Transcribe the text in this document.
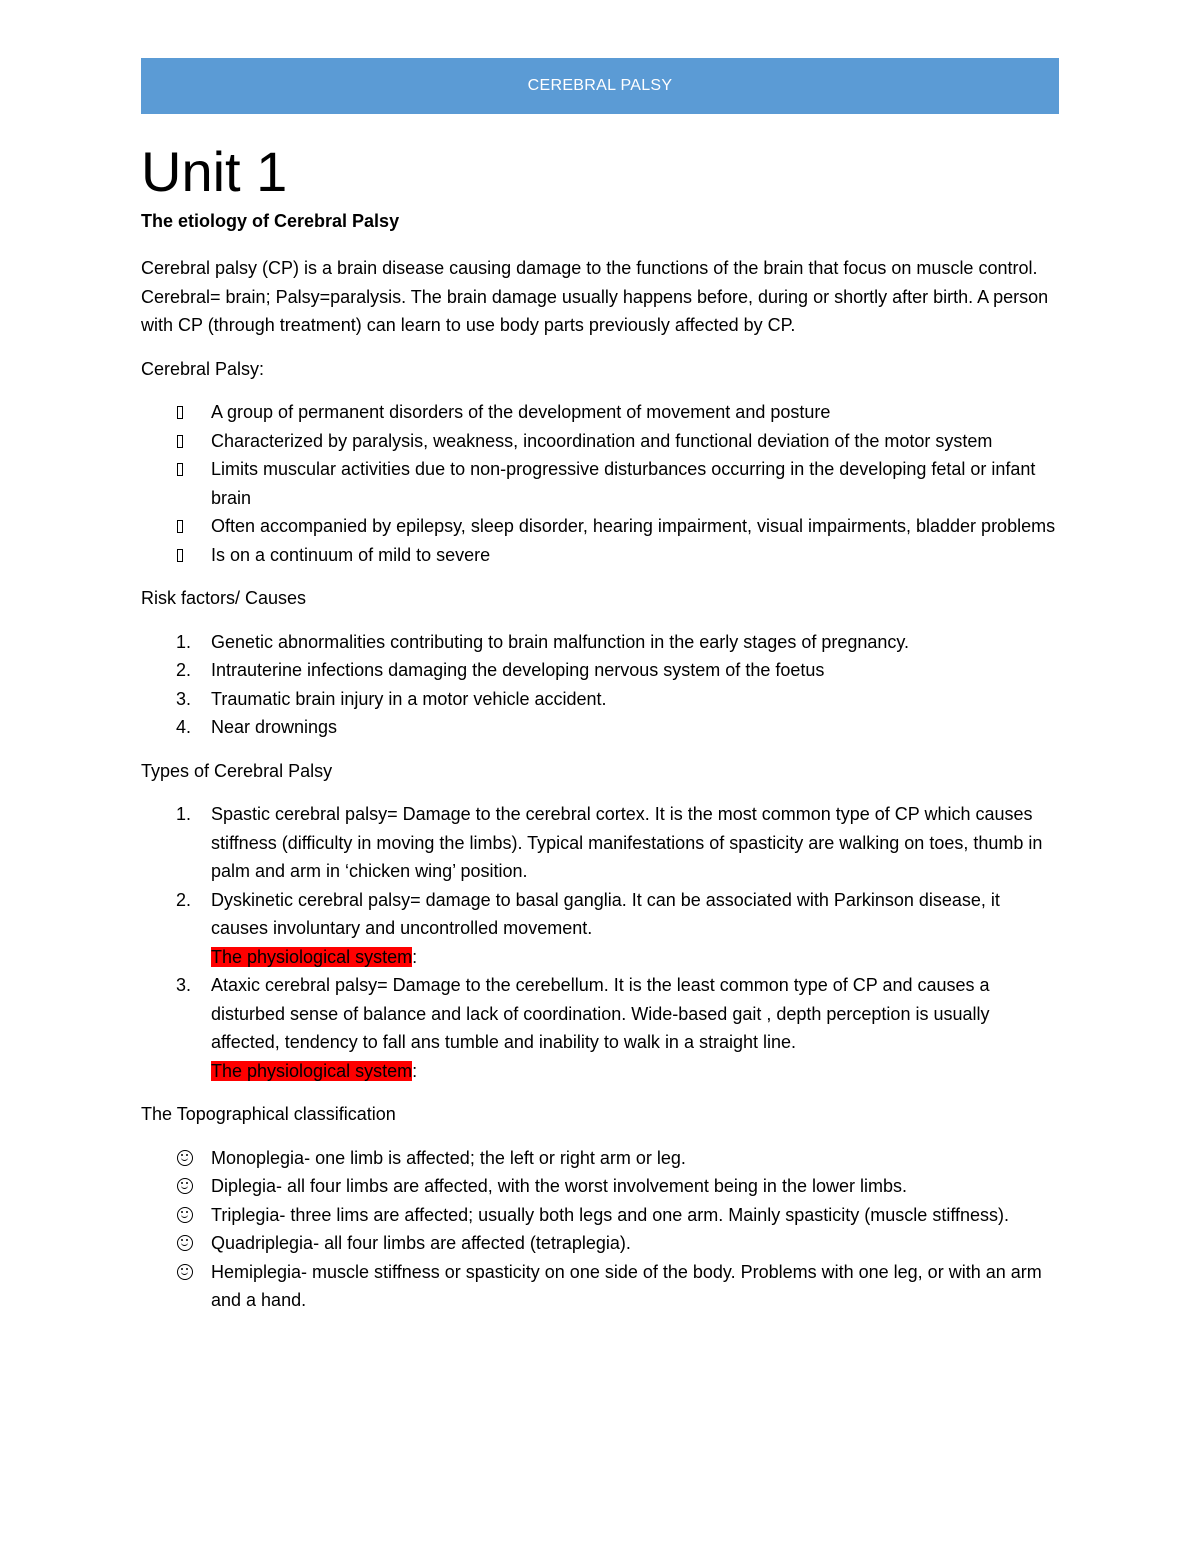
CEREBRAL PALSY
Unit 1
The etiology of Cerebral Palsy

Cerebral palsy (CP) is a brain disease causing damage to the functions of the brain that focus on muscle control. Cerebral= brain; Palsy=paralysis. The brain damage usually happens before, during or shortly after birth. A person with CP (through treatment) can learn to use body parts previously affected by CP.

Cerebral Palsy:
A group of permanent disorders of the development of movement and posture
Characterized by paralysis, weakness, incoordination and functional deviation of the motor system
Limits muscular activities due to non-progressive disturbances occurring in the developing fetal or infant brain
Often accompanied by epilepsy, sleep disorder, hearing impairment, visual impairments, bladder problems
Is on a continuum of mild to severe
Risk factors/ Causes
1. Genetic abnormalities contributing to brain malfunction in the early stages of pregnancy.
2. Intrauterine infections damaging the developing nervous system of the foetus
3. Traumatic brain injury in a motor vehicle accident.
4. Near drownings
Types of Cerebral Palsy
1. Spastic cerebral palsy= Damage to the cerebral cortex. It is the most common type of CP which causes stiffness (difficulty in moving the limbs). Typical manifestations of spasticity are walking on toes, thumb in palm and arm in ‘chicken wing’ position.
2. Dyskinetic cerebral palsy= damage to basal ganglia. It can be associated with Parkinson disease, it causes involuntary and uncontrolled movement.
The physiological system:
3. Ataxic cerebral palsy= Damage to the cerebellum. It is the least common type of CP and causes a disturbed sense of balance and lack of coordination. Wide-based gait , depth perception is usually affected, tendency to fall ans tumble and inability to walk in a straight line.
The physiological system:
The Topographical classification
Monoplegia- one limb is affected; the left or right arm or leg.
Diplegia- all four limbs are affected, with the worst involvement being in the lower limbs.
Triplegia- three lims are affected; usually both legs and one arm. Mainly spasticity (muscle stiffness).
Quadriplegia- all four limbs are affected (tetraplegia).
Hemiplegia- muscle stiffness or spasticity on one side of the body. Problems with one leg, or with an arm and a hand.
